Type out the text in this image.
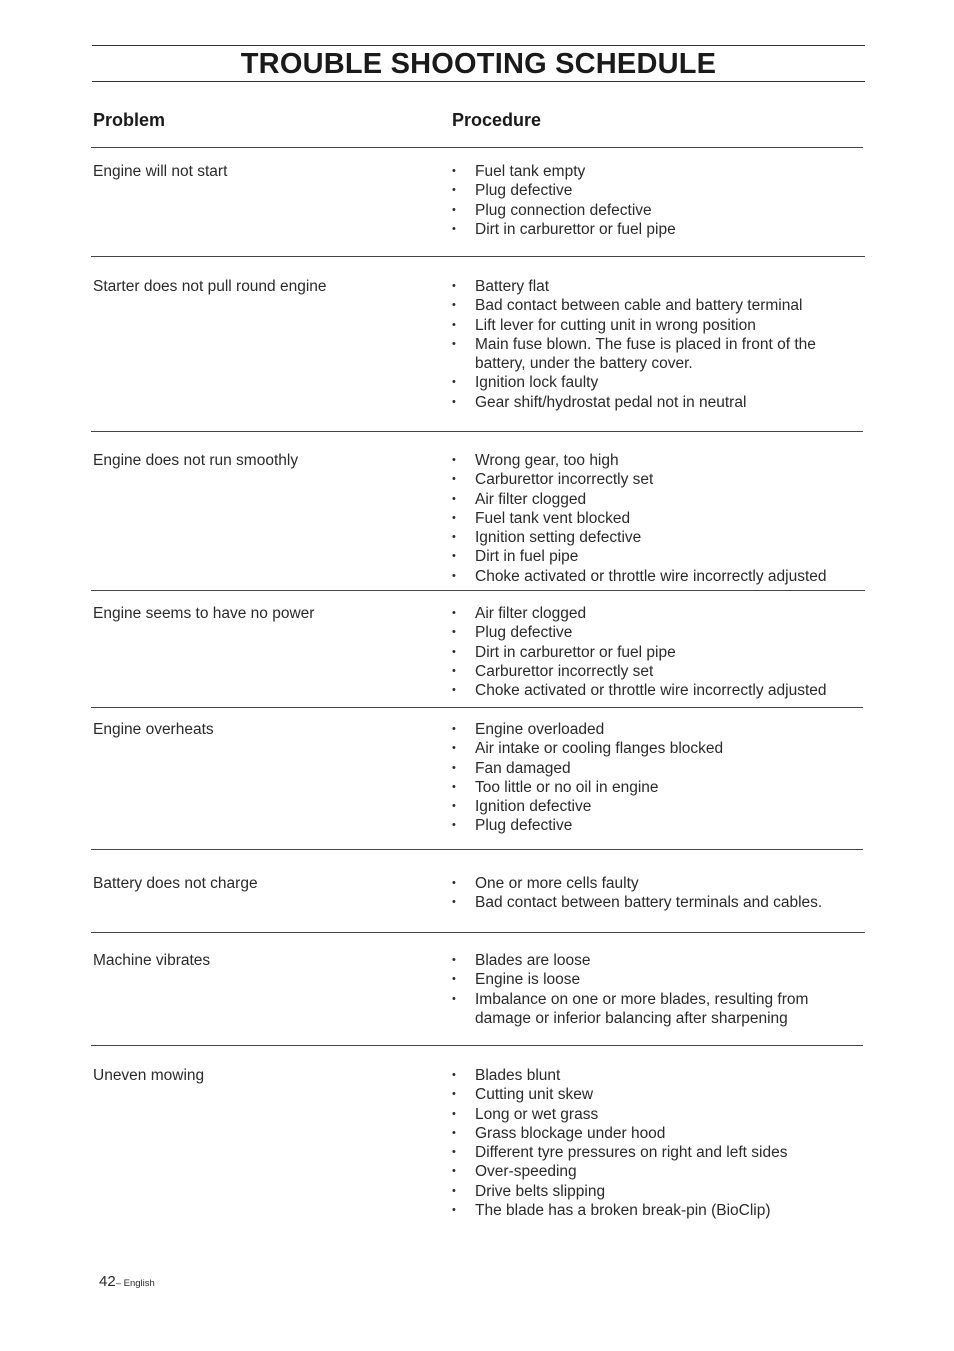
TROUBLE SHOOTING SCHEDULE
Problem	Procedure
Engine will not start	• Fuel tank empty
• Plug defective
• Plug connection defective
• Dirt in carburettor or fuel pipe
Starter does not pull round engine	• Battery flat
• Bad contact between cable and battery terminal
• Lift lever for cutting unit in wrong position
• Main fuse blown. The fuse is placed in front of the battery, under the battery cover.
• Ignition lock faulty
• Gear shift/hydrostat pedal not in neutral
Engine does not run smoothly	• Wrong gear, too high
• Carburettor incorrectly set
• Air filter clogged
• Fuel tank vent blocked
• Ignition setting defective
• Dirt in fuel pipe
• Choke activated or throttle wire incorrectly adjusted
Engine seems to have no power	• Air filter clogged
• Plug defective
• Dirt in carburettor or fuel pipe
• Carburettor incorrectly set
• Choke activated or throttle wire incorrectly adjusted
Engine overheats	• Engine overloaded
• Air intake or cooling flanges blocked
• Fan damaged
• Too little or no oil in engine
• Ignition defective
• Plug defective
Battery does not charge	• One or more cells faulty
• Bad contact between battery terminals and cables.
Machine vibrates	• Blades are loose
• Engine is loose
• Imbalance on one or more blades, resulting from damage or inferior balancing after sharpening
Uneven mowing	• Blades blunt
• Cutting unit skew
• Long or wet grass
• Grass blockage under hood
• Different tyre pressures on right and left sides
• Over-speeding
• Drive belts slipping
• The blade has a broken break-pin (BioClip)
42– English
